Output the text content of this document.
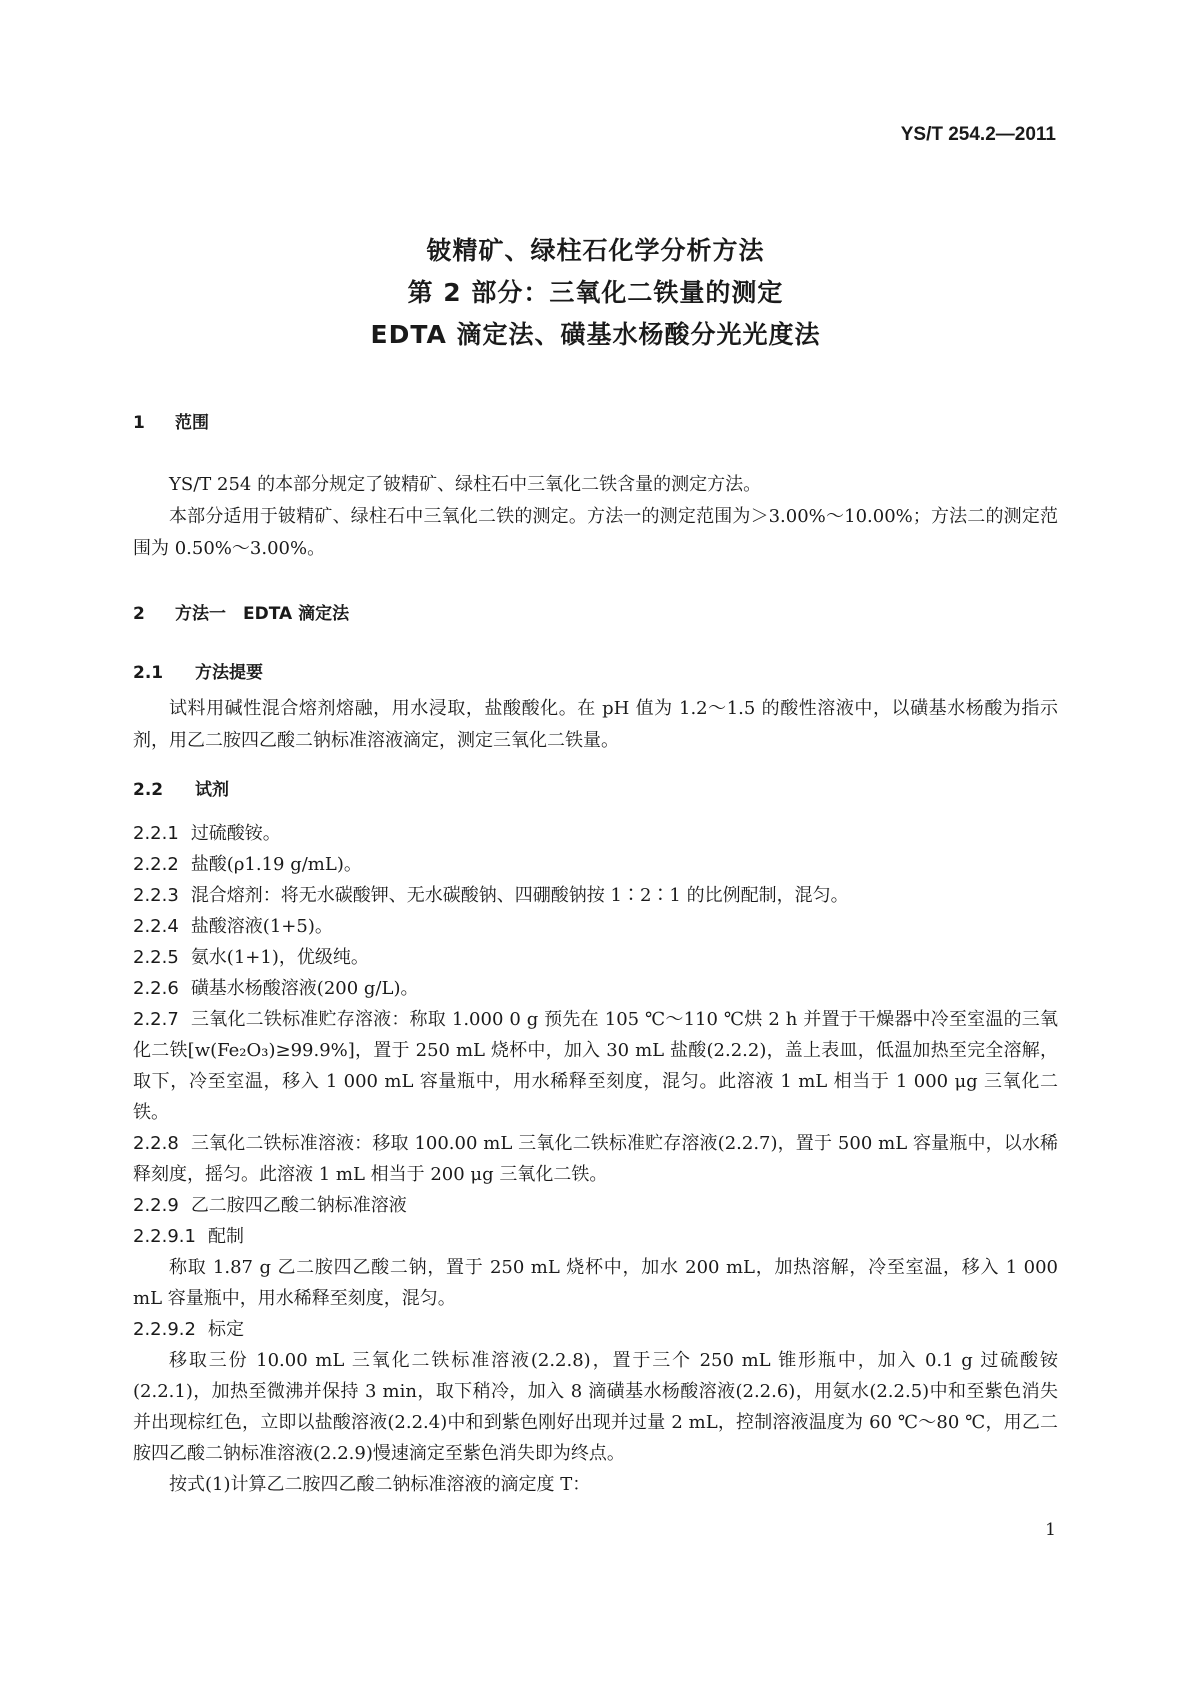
YS/T 254.2—2011
铍精矿、绿柱石化学分析方法
第 2 部分：三氧化二铁量的测定
EDTA 滴定法、磺基水杨酸分光光度法
1 范围

YS/T 254 的本部分规定了铍精矿、绿柱石中三氧化二铁含量的测定方法。

本部分适用于铍精矿、绿柱石中三氧化二铁的测定。方法一的测定范围为＞3.00%～10.00%；方法二的测定范围为 0.50%～3.00%。

2 方法一　EDTA 滴定法
2.1 方法提要

试料用碱性混合熔剂熔融，用水浸取，盐酸酸化。在 pH 值为 1.2～1.5 的酸性溶液中，以磺基水杨酸为指示剂，用乙二胺四乙酸二钠标准溶液滴定，测定三氧化二铁量。

2.2 试剂

2.2.1 过硫酸铵。

2.2.2 盐酸(ρ1.19 g/mL)。

2.2.3 混合熔剂：将无水碳酸钾、无水碳酸钠、四硼酸钠按 1∶2∶1 的比例配制，混匀。

2.2.4 盐酸溶液(1+5)。

2.2.5 氨水(1+1)，优级纯。

2.2.6 磺基水杨酸溶液(200 g/L)。

2.2.7 三氧化二铁标准贮存溶液：称取 1.000 0 g 预先在 105 ℃～110 ℃烘 2 h 并置于干燥器中冷至室温的三氧化二铁[w(Fe₂O₃)≥99.9%]，置于 250 mL 烧杯中，加入 30 mL 盐酸(2.2.2)，盖上表皿，低温加热至完全溶解，取下，冷至室温，移入 1 000 mL 容量瓶中，用水稀释至刻度，混匀。此溶液 1 mL 相当于 1 000 μg 三氧化二铁。

2.2.8 三氧化二铁标准溶液：移取 100.00 mL 三氧化二铁标准贮存溶液(2.2.7)，置于 500 mL 容量瓶中，以水稀释刻度，摇匀。此溶液 1 mL 相当于 200 μg 三氧化二铁。

2.2.9 乙二胺四乙酸二钠标准溶液

2.2.9.1 配制

称取 1.87 g 乙二胺四乙酸二钠，置于 250 mL 烧杯中，加水 200 mL，加热溶解，冷至室温，移入 1 000 mL 容量瓶中，用水稀释至刻度，混匀。

2.2.9.2 标定

移取三份 10.00 mL 三氧化二铁标准溶液(2.2.8)，置于三个 250 mL 锥形瓶中，加入 0.1 g 过硫酸铵(2.2.1)，加热至微沸并保持 3 min，取下稍冷，加入 8 滴磺基水杨酸溶液(2.2.6)，用氨水(2.2.5)中和至紫色消失并出现棕红色，立即以盐酸溶液(2.2.4)中和到紫色刚好出现并过量 2 mL，控制溶液温度为 60 ℃～80 ℃，用乙二胺四乙酸二钠标准溶液(2.2.9)慢速滴定至紫色消失即为终点。

按式(1)计算乙二胺四乙酸二钠标准溶液的滴定度 T：

1
